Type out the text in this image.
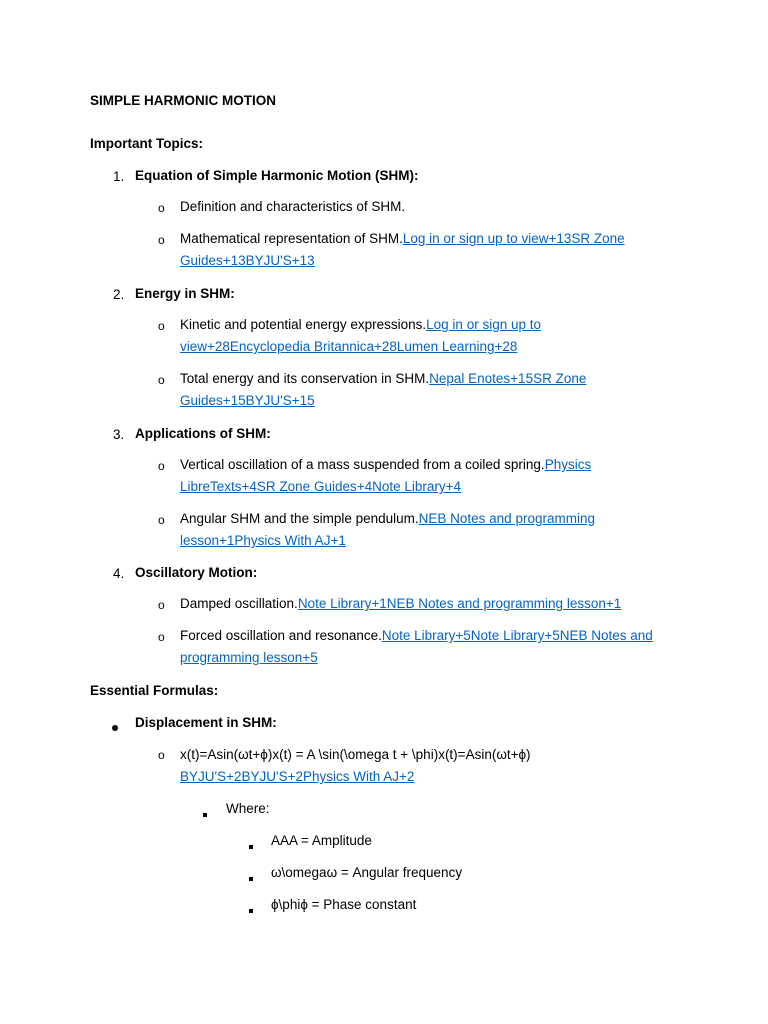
SIMPLE HARMONIC MOTION
Important Topics:
1. Equation of Simple Harmonic Motion (SHM):
o Definition and characteristics of SHM.
o Mathematical representation of SHM.Log in or sign up to view+13SR Zone
Guides+13BYJU'S+13
2. Energy in SHM:
o Kinetic and potential energy expressions.Log in or sign up to
view+28Encyclopedia Britannica+28Lumen Learning+28
o Total energy and its conservation in SHM.Nepal Enotes+15SR Zone
Guides+15BYJU'S+15
3. Applications of SHM:
o Vertical oscillation of a mass suspended from a coiled spring.Physics
LibreTexts+4SR Zone Guides+4Note Library+4
o Angular SHM and the simple pendulum.NEB Notes and programming
lesson+1Physics With AJ+1
4. Oscillatory Motion:
o Damped oscillation.Note Library+1NEB Notes and programming lesson+1
o Forced oscillation and resonance.Note Library+5Note Library+5NEB Notes and
programming lesson+5
Essential Formulas:
Displacement in SHM:
o x(t)=Asin(ωt+ϕ)x(t) = A \sin(\omega t + \phi)x(t)=Asin(ωt+ϕ)
BYJU'S+2BYJU'S+2Physics With AJ+2
Where:
AAA = Amplitude
ω\omegaω = Angular frequency
ϕ\phiϕ = Phase constant
